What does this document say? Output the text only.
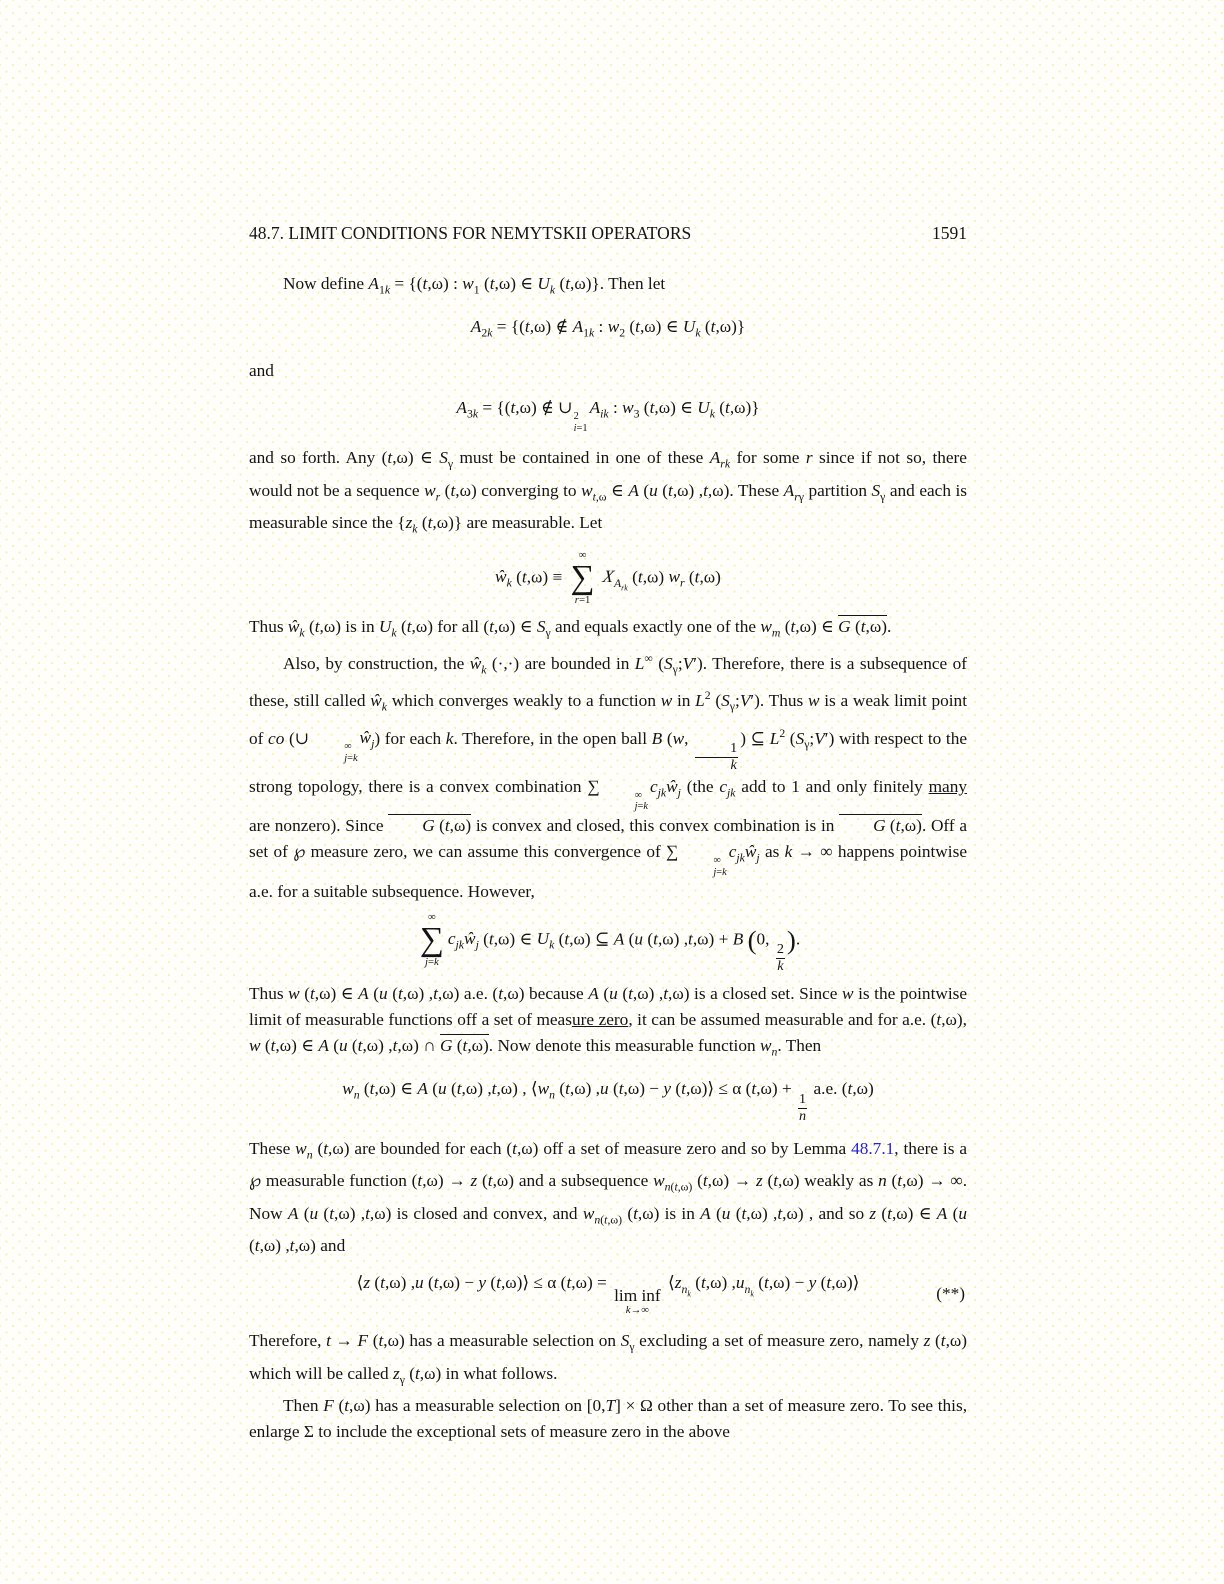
48.7. LIMIT CONDITIONS FOR NEMYTSKII OPERATORS	1591

Now define $A_{1k} = \{(t,\omega)$ : $w_1$ (t,ω) ∈ $U_k$ (t,ω)}. Then let

$A_{2k} = \{(t,\omega)$ ∉ $A_{1k}$ : $w_2$ (t,ω) ∈ $U_k$ (t,ω)}

and

$A_{3k} = \{(t,\omega)$ ∉ ∪ 2
i=1
$A_{ik}$ : $w_3$ (t,ω) ∈ $U_k$ (t,ω)}

and so forth. Any (t,ω) ∈ $S_\gamma$ must be contained in one of these $A_{rk}$ for some r since if not so, there would not be a sequence $w_r$ (t,ω) converging to $w_{t,\omega}$ ∈ A (u (t,ω) ,t,ω). These $A_{r\gamma}$ partition $S_\gamma$ and each is measurable since the {$z_k$ (t,ω)} are measurable. Let

$ŵ_k$ (t,ω) ≡
∞
∑
r=1
$X_{A_{rk}}$ (t,ω) $w_r$ (t,ω)

Thus $ŵ_k$ (t,ω) is in $U_k$ (t,ω) for all (t,ω) ∈ $S_\gamma$ and equals exactly one of the $w_m$ (t,ω) ∈ G (t,ω).

Also, by construction, the $ŵ_k$ (·,·) are bounded in L∞ $(S_\gamma;V')$. Therefore, there is a subsequence of these, still called $ŵ_k$ which converges weakly to a function w in $L^2$ $(S_\gamma;V')$. Thus w is a weak limit point of co (∪	∞
j=k
$ŵ_j$) for each k. Therefore, in the open ball B (w,
$\frac{1}{k}$
) ⊆ $L^2$ $(S_\gamma;V')$ with respect to the strong topology, there is a convex combination ∑	∞
j=k
$c_{jk}ŵ_j$ (the $c_{jk}$ add to 1 and only finitely many are nonzero). Since G (t,ω) is convex and closed, this convex combination is in G (t,ω). Off a set of ℘ measure zero, we can assume this convergence of ∑	∞
j=k
$c_{jk}ŵ_j$ as k → ∞ happens pointwise a.e. for a suitable subsequence. However,

∞
∑
j=k
$c_{jk}ŵ_j$ (t,ω) ∈ $U_k$ (t,ω) ⊆ A (u (t,ω) ,t,ω) + B (0,
$\frac{2}{k}$
).

Thus w (t,ω) ∈ A (u (t,ω) ,t,ω) a.e. (t,ω) because A (u (t,ω) ,t,ω) is a closed set. Since w is the pointwise limit of measurable functions off a set of measure zero, it can be assumed measurable and for a.e. (t,ω), w (t,ω) ∈ A (u (t,ω) ,t,ω) ∩ G (t,ω). Now denote this measurable function $w_n$. Then

$w_n$ (t,ω) ∈ A (u (t,ω) ,t,ω) , $⟨w_n$ (t,ω) ,u (t,ω) − y (t,ω)⟩ ≤ α (t,ω) +
$\frac{1}{n}$
a.e. (t,ω)

These $w_n$ (t,ω) are bounded for each (t,ω) off a set of measure zero and so by Lemma 48.7.1, there is a ℘ measurable function (t,ω) → z (t,ω) and a subsequence $w_{n(t,\omega)}$ (t,ω) → z (t,ω) weakly as n (t,ω) → ∞. Now A (u (t,ω) ,t,ω) is closed and convex, and $w_{n(t,\omega)}$ (t,ω) is in A (u (t,ω) ,t,ω) , and so z (t,ω) ∈ A (u (t,ω) ,t,ω) and

⟨z (t,ω) ,u (t,ω) − y (t,ω)⟩ ≤ α (t,ω) =
lim inf
k→∞
$⟨z_{n_k}$ (t,ω) $,u_{n_k}$ (t,ω) − y (t,ω)⟩
(**)

Therefore, t → F (t,ω) has a measurable selection on $S_\gamma$ excluding a set of measure zero, namely z (t,ω) which will be called $z_\gamma$ (t,ω) in what follows.

Then F (t,ω) has a measurable selection on [0,T] × Ω other than a set of measure zero. To see this, enlarge Σ to include the exceptional sets of measure zero in the above
